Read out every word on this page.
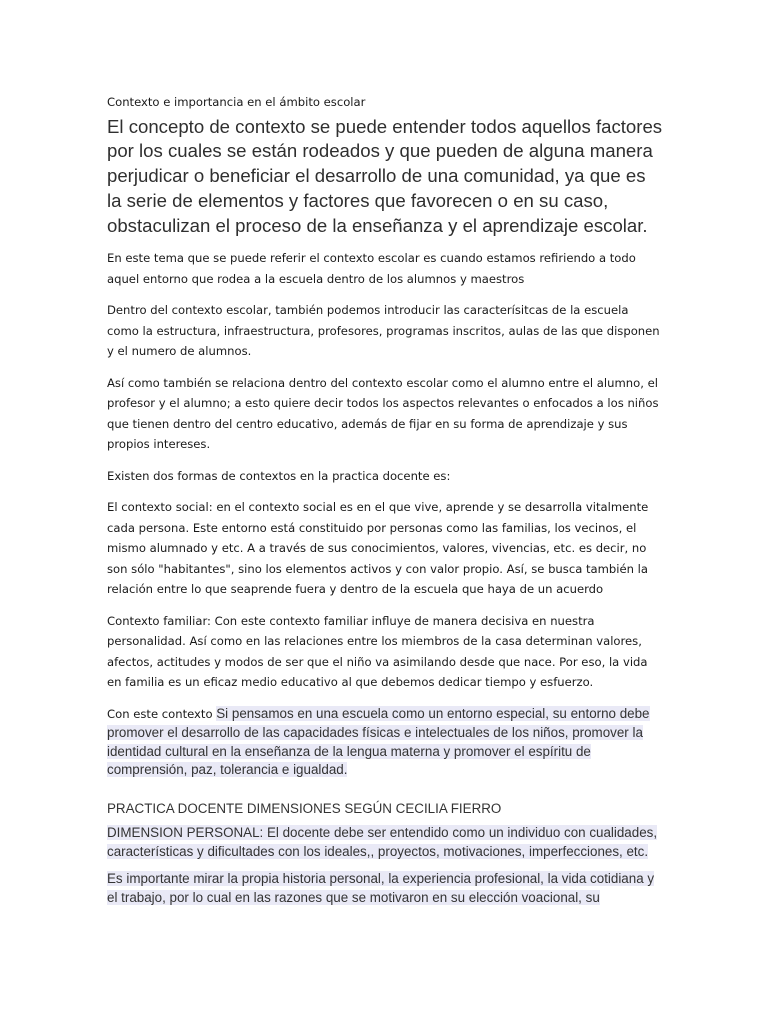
Contexto e importancia en el ámbito escolar

El concepto de contexto se puede entender todos aquellos factores por los cuales se están rodeados y que pueden de alguna manera perjudicar o beneficiar el desarrollo de una comunidad, ya que es la serie de elementos y factores que favorecen o en su caso, obstaculizan el proceso de la enseñanza y el aprendizaje escolar.

En este tema que se puede referir el contexto escolar es cuando estamos refiriendo a todo aquel entorno que rodea a la escuela dentro de los alumnos y maestros

Dentro del contexto escolar, también podemos introducir las caracterísitcas de la escuela como la estructura, infraestructura, profesores, programas inscritos, aulas de las que disponen y el numero de alumnos.

Así como también se relaciona dentro del contexto escolar como el alumno entre el alumno, el profesor y el alumno; a esto quiere decir todos los aspectos relevantes o enfocados a los niños que tienen dentro del centro educativo, además de fijar en su forma de aprendizaje y sus propios intereses.

Existen dos formas de contextos en la practica docente es:

El contexto social: en el contexto social es en el que vive, aprende y se desarrolla vitalmente cada persona. Este entorno está constituido por personas como las familias, los vecinos, el mismo alumnado y etc. A a través de sus conocimientos, valores, vivencias, etc. es decir, no son sólo "habitantes", sino los elementos activos y con valor propio. Así, se busca también la relación entre lo que seaprende fuera y dentro de la escuela que haya de un acuerdo

Contexto familiar: Con este contexto familiar influye de manera decisiva en nuestra personalidad. Así como en las relaciones entre los miembros de la casa determinan valores, afectos, actitudes y modos de ser que el niño va asimilando desde que nace. Por eso, la vida en familia es un eficaz medio educativo al que debemos dedicar tiempo y esfuerzo.

Con este contexto Si pensamos en una escuela como un entorno especial, su entorno debe promover el desarrollo de las capacidades físicas e intelectuales de los niños, promover la identidad cultural en la enseñanza de la lengua materna y promover el espíritu de comprensión, paz, tolerancia e igualdad.

PRACTICA DOCENTE DIMENSIONES SEGÚN CECILIA FIERRO

DIMENSION PERSONAL: El docente debe ser entendido como un individuo con cualidades, características y dificultades con los ideales,, proyectos, motivaciones, imperfecciones, etc.

Es importante mirar la propia historia personal, la experiencia profesional, la vida cotidiana y el trabajo, por lo cual en las razones que se motivaron en su elección voacional, su
